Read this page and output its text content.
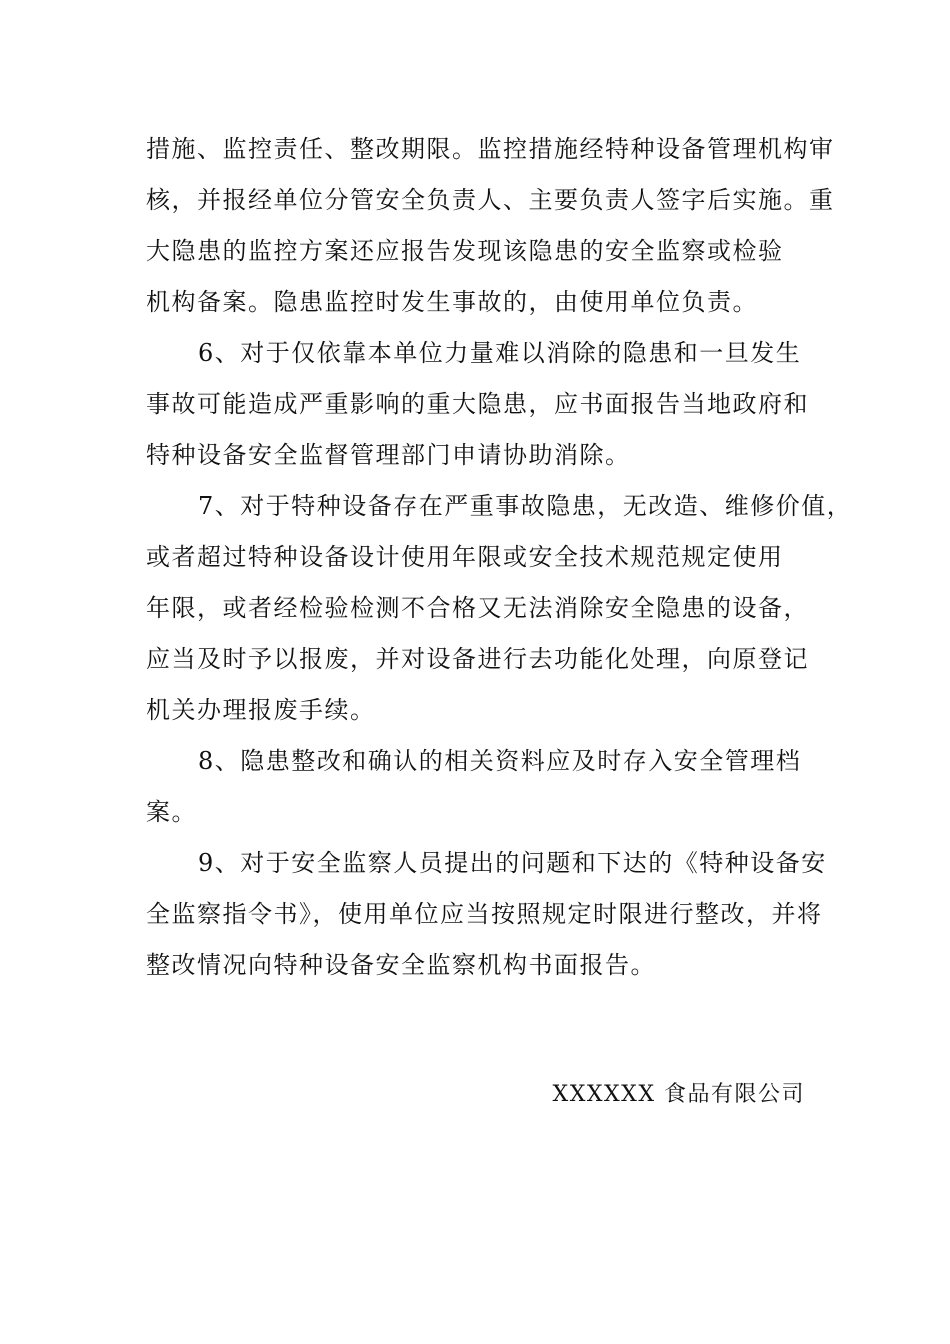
措施、监控责任、整改期限。监控措施经特种设备管理机构审
核，并报经单位分管安全负责人、主要负责人签字后实施。重
大隐患的监控方案还应报告发现该隐患的安全监察或检验
机构备案。隐患监控时发生事故的，由使用单位负责。
6、对于仅依靠本单位力量难以消除的隐患和一旦发生
事故可能造成严重影响的重大隐患，应书面报告当地政府和
特种设备安全监督管理部门申请协助消除。
7、对于特种设备存在严重事故隐患，无改造、维修价值，
或者超过特种设备设计使用年限或安全技术规范规定使用
年限，或者经检验检测不合格又无法消除安全隐患的设备，
应当及时予以报废，并对设备进行去功能化处理，向原登记
机关办理报废手续。
8、隐患整改和确认的相关资料应及时存入安全管理档
案。
9、对于安全监察人员提出的问题和下达的《特种设备安
全监察指令书》，使用单位应当按照规定时限进行整改，并将
整改情况向特种设备安全监察机构书面报告。
XXXXXX 食品有限公司
